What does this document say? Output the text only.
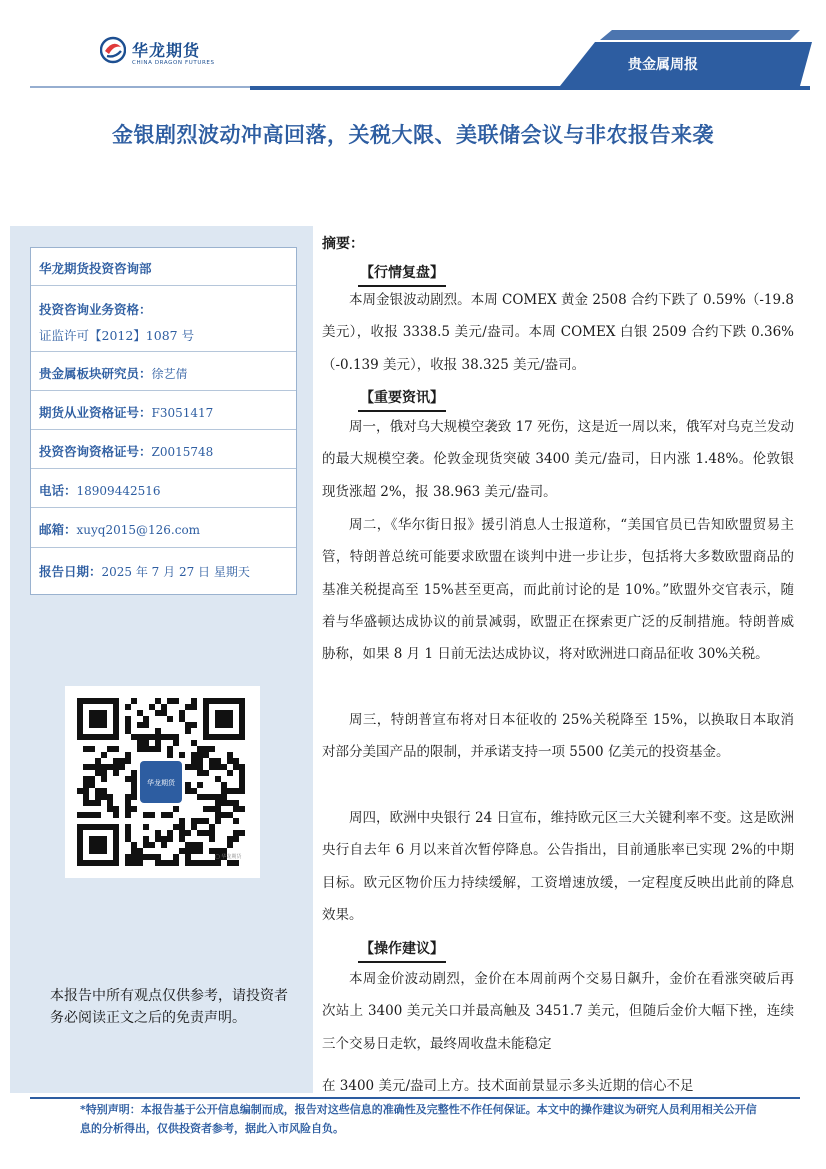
华龙期货
CHINA DRAGON FUTURES	贵金属周报
金银剧烈波动冲高回落，关税大限、美联储会议与非农报告来袭
华龙期货投资咨询部
投资咨询业务资格：
证监许可【2012】1087 号
贵金属板块研究员：徐艺倩
期货从业资格证号：F3051417
投资咨询资格证号：Z0015748
电话：18909442516
邮箱：xuyq2015@126.com
报告日期：2025 年 7 月 27 日 星期天
华龙期货
▢ 华龙期货
本报告中所有观点仅供参考，请投资者务必阅读正文之后的免责声明。
摘要：
【行情复盘】
本周金银波动剧烈。本周 COMEX 黄金 2508 合约下跌了 0.59%（-19.8 美元），收报 3338.5 美元/盎司。本周 COMEX 白银 2509 合约下跌 0.36%（-0.139 美元），收报 38.325 美元/盎司。
【重要资讯】
周一，俄对乌大规模空袭致 17 死伤，这是近一周以来，俄军对乌克兰发动的最大规模空袭。伦敦金现货突破 3400 美元/盎司，日内涨 1.48%。伦敦银现货涨超 2%，报 38.963 美元/盎司。
周二，《华尔街日报》援引消息人士报道称，“美国官员已告知欧盟贸易主管，特朗普总统可能要求欧盟在谈判中进一步让步，包括将大多数欧盟商品的基准关税提高至 15%甚至更高，而此前讨论的是 10%。”欧盟外交官表示，随着与华盛顿达成协议的前景减弱，欧盟正在探索更广泛的反制措施。特朗普威胁称，如果 8 月 1 日前无法达成协议，将对欧洲进口商品征收 30%关税。
周三，特朗普宣布将对日本征收的 25%关税降至 15%，以换取日本取消对部分美国产品的限制，并承诺支持一项 5500 亿美元的投资基金。
周四，欧洲中央银行 24 日宣布，维持欧元区三大关键利率不变。这是欧洲央行自去年 6 月以来首次暂停降息。公告指出，目前通胀率已实现 2%的中期目标。欧元区物价压力持续缓解，工资增速放缓，一定程度反映出此前的降息效果。
【操作建议】
本周金价波动剧烈，金价在本周前两个交易日飙升，金价在看涨突破后再次站上 3400 美元关口并最高触及 3451.7 美元，但随后金价大幅下挫，连续三个交易日走软，最终周收盘未能稳定
在 3400 美元/盎司上方。技术面前景显示多头近期的信心不足
*特别声明：本报告基于公开信息编制而成，报告对这些信息的准确性及完整性不作任何保证。本文中的操作建议为研究人员利用相关公开信息的分析得出，仅供投资者参考，据此入市风险自负。
